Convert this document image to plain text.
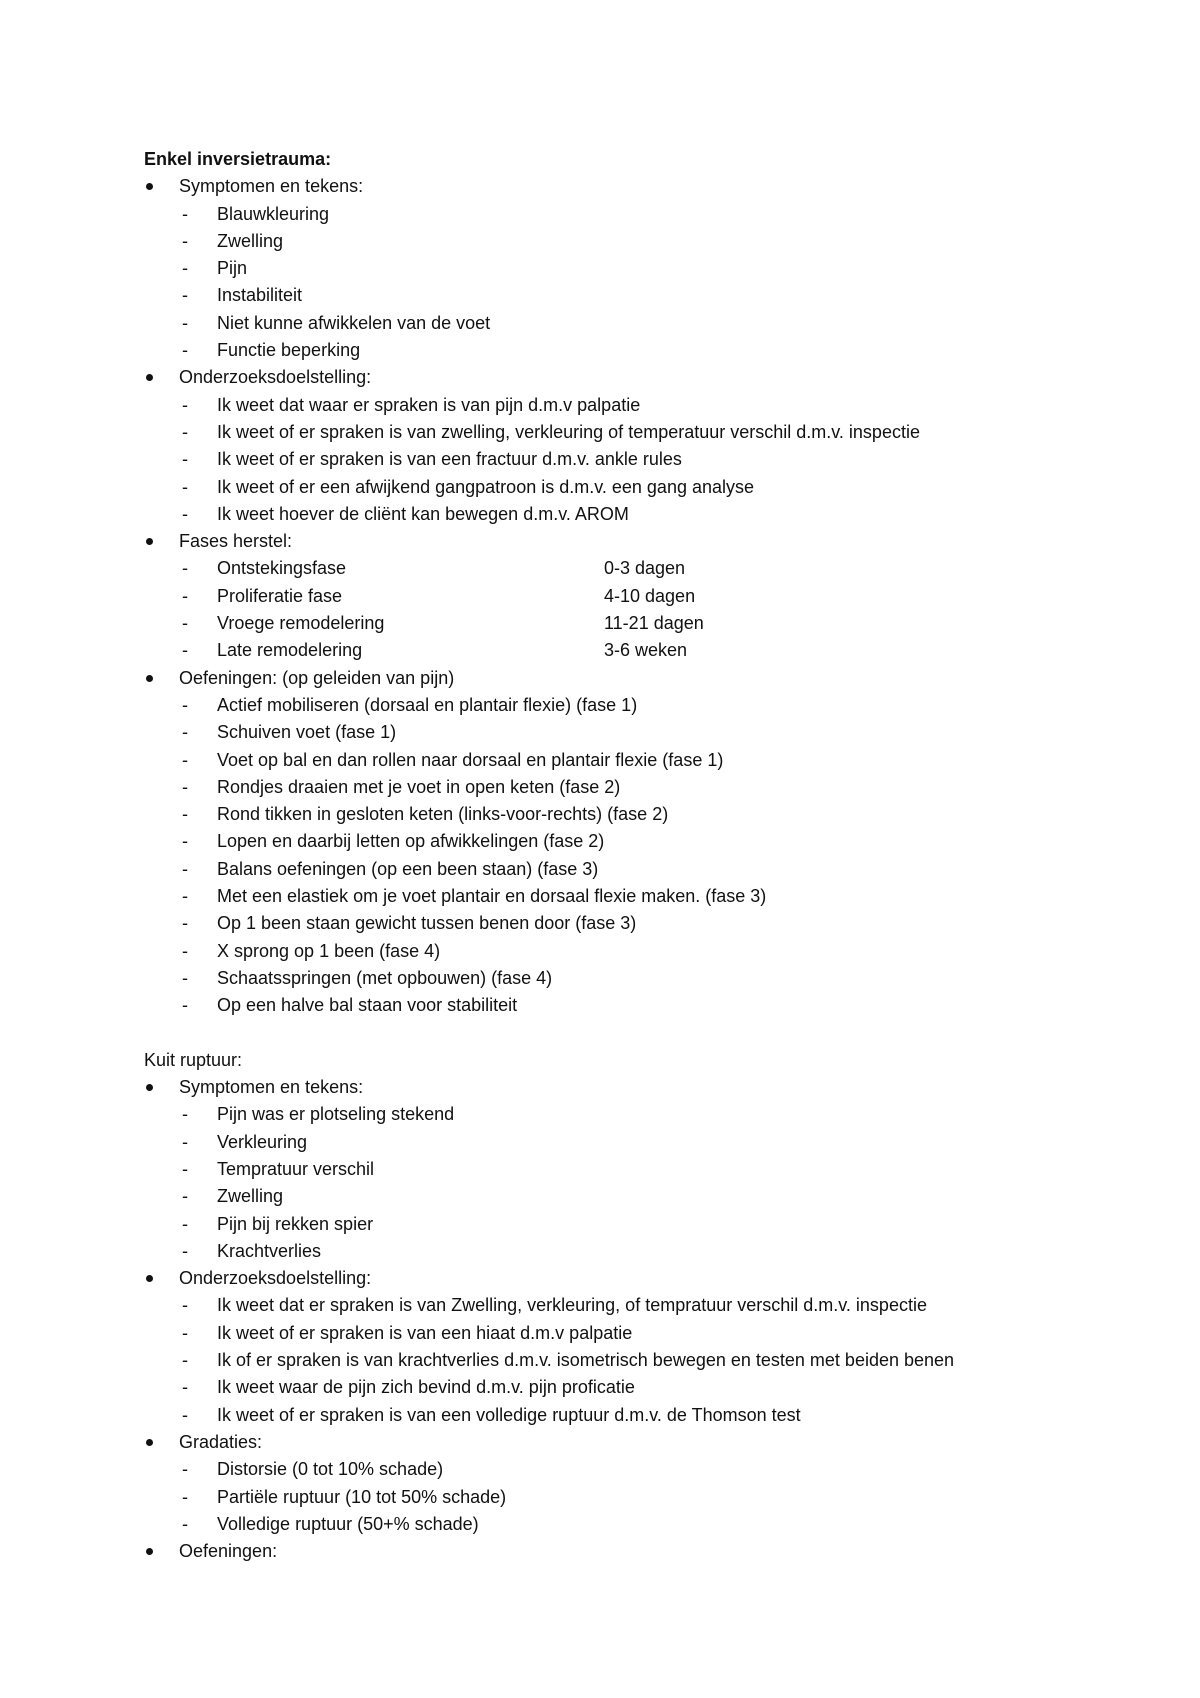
Enkel inversietrauma:
Symptomen en tekens:
- Blauwkleuring
- Zwelling
- Pijn
- Instabiliteit
- Niet kunne afwikkelen van de voet
- Functie beperking
Onderzoeksdoelstelling:
- Ik weet dat waar er spraken is van pijn d.m.v palpatie
- Ik weet of er spraken is van zwelling, verkleuring of temperatuur verschil d.m.v. inspectie
- Ik weet of er spraken is van een fractuur d.m.v. ankle rules
- Ik weet of er een afwijkend gangpatroon is d.m.v. een gang analyse
- Ik weet hoever de cliënt kan bewegen d.m.v. AROM
Fases herstel:
- Ontstekingsfase	0-3 dagen
- Proliferatie fase	4-10 dagen
- Vroege remodelering	11-21 dagen
- Late remodelering	3-6 weken
Oefeningen: (op geleiden van pijn)
- Actief mobiliseren (dorsaal en plantair flexie) (fase 1)
- Schuiven voet (fase 1)
- Voet op bal en dan rollen naar dorsaal en plantair flexie (fase 1)
- Rondjes draaien met je voet in open keten (fase 2)
- Rond tikken in gesloten keten (links-voor-rechts) (fase 2)
- Lopen en daarbij letten op afwikkelingen (fase 2)
- Balans oefeningen (op een been staan) (fase 3)
- Met een elastiek om je voet plantair en dorsaal flexie maken. (fase 3)
- Op 1 been staan gewicht tussen benen door (fase 3)
- X sprong op 1 been (fase 4)
- Schaatsspringen (met opbouwen) (fase 4)
- Op een halve bal staan voor stabiliteit
Kuit ruptuur:
Symptomen en tekens:
- Pijn was er plotseling stekend
- Verkleuring
- Tempratuur verschil
- Zwelling
- Pijn bij rekken spier
- Krachtverlies
Onderzoeksdoelstelling:
- Ik weet dat er spraken is van Zwelling, verkleuring, of tempratuur verschil d.m.v. inspectie
- Ik weet of er spraken is van een hiaat d.m.v palpatie
- Ik of er spraken is van krachtverlies d.m.v. isometrisch bewegen en testen met beiden benen
- Ik weet waar de pijn zich bevind d.m.v. pijn proficatie
- Ik weet of er spraken is van een volledige ruptuur d.m.v. de Thomson test
Gradaties:
- Distorsie (0 tot 10% schade)
- Partiële ruptuur (10 tot 50% schade)
- Volledige ruptuur (50+% schade)
Oefeningen:
